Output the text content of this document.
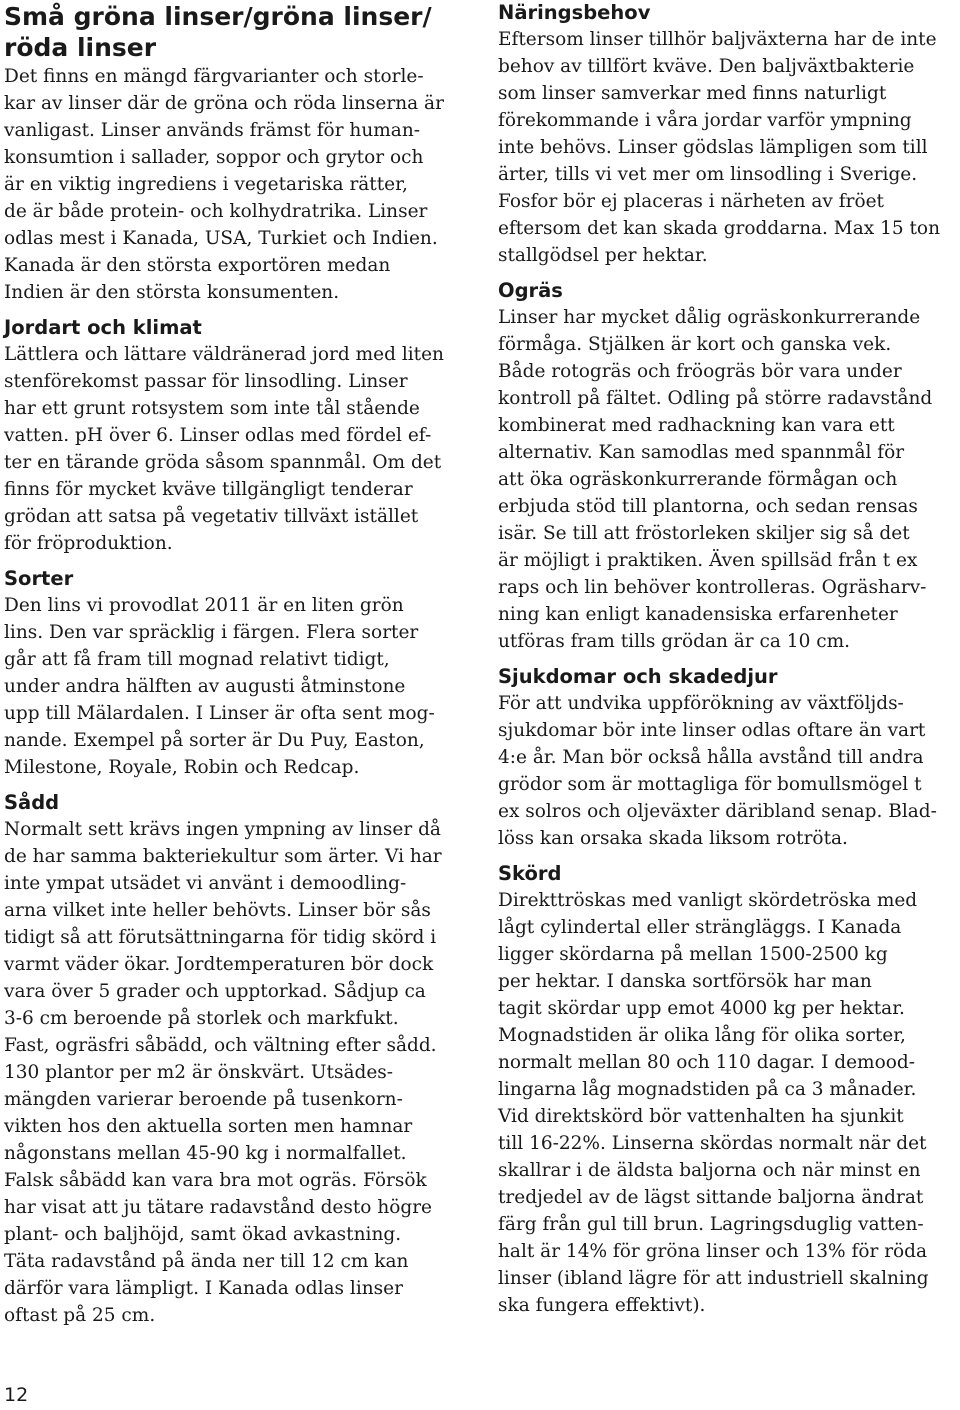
Små gröna linser/gröna linser/
röda linser

Det finns en mängd färgvarianter och storle-
kar av linser där de gröna och röda linserna är
vanligast. Linser används främst för human-
konsumtion i sallader, soppor och grytor och
är en viktig ingrediens i vegetariska rätter,
de är både protein- och kolhydratrika. Linser
odlas mest i Kanada, USA, Turkiet och Indien.
Kanada är den största exportören medan
Indien är den största konsumenten.

Jordart och klimat

Lättlera och lättare väldränerad jord med liten
stenförekomst passar för linsodling. Linser
har ett grunt rotsystem som inte tål stående
vatten. pH över 6. Linser odlas med fördel ef-
ter en tärande gröda såsom spannmål. Om det
finns för mycket kväve tillgängligt tenderar
grödan att satsa på vegetativ tillväxt istället
för fröproduktion.

Sorter

Den lins vi provodlat 2011 är en liten grön
lins. Den var spräcklig i färgen. Flera sorter
går att få fram till mognad relativt tidigt,
under andra hälften av augusti åtminstone
upp till Mälardalen. I Linser är ofta sent mog-
nande. Exempel på sorter är Du Puy, Easton,
Milestone, Royale, Robin och Redcap.

Sådd

Normalt sett krävs ingen ympning av linser då
de har samma bakteriekultur som ärter. Vi har
inte ympat utsädet vi använt i demoodling-
arna vilket inte heller behövts. Linser bör sås
tidigt så att förutsättningarna för tidig skörd i
varmt väder ökar. Jordtemperaturen bör dock
vara över 5 grader och upptorkad. Sådjup ca
3-6 cm beroende på storlek och markfukt.
Fast, ogräsfri såbädd, och vältning efter sådd.
130 plantor per m2 är önskvärt. Utsädes-
mängden varierar beroende på tusenkorn-
vikten hos den aktuella sorten men hamnar
någonstans mellan 45-90 kg i normalfallet.
Falsk såbädd kan vara bra mot ogräs. Försök
har visat att ju tätare radavstånd desto högre
plant- och baljhöjd, samt ökad avkastning.
Täta radavstånd på ända ner till 12 cm kan
därför vara lämpligt. I Kanada odlas linser
oftast på 25 cm.

Näringsbehov

Eftersom linser tillhör baljväxterna har de inte
behov av tillfört kväve. Den baljväxtbakterie
som linser samverkar med finns naturligt
förekommande i våra jordar varför ympning
inte behövs. Linser gödslas lämpligen som till
ärter, tills vi vet mer om linsodling i Sverige.
Fosfor bör ej placeras i närheten av fröet
eftersom det kan skada groddarna. Max 15 ton
stallgödsel per hektar.

Ogräs

Linser har mycket dålig ogräskonkurrerande
förmåga. Stjälken är kort och ganska vek.
Både rotogräs och fröogräs bör vara under
kontroll på fältet. Odling på större radavstånd
kombinerat med radhackning kan vara ett
alternativ. Kan samodlas med spannmål för
att öka ogräskonkurrerande förmågan och
erbjuda stöd till plantorna, och sedan rensas
isär. Se till att fröstorleken skiljer sig så det
är möjligt i praktiken. Även spillsäd från t ex
raps och lin behöver kontrolleras. Ogräsharv-
ning kan enligt kanadensiska erfarenheter
utföras fram tills grödan är ca 10 cm.

Sjukdomar och skadedjur

För att undvika uppförökning av växtföljds-
sjukdomar bör inte linser odlas oftare än vart
4:e år. Man bör också hålla avstånd till andra
grödor som är mottagliga för bomullsmögel t
ex solros och oljeväxter däribland senap. Blad-
löss kan orsaka skada liksom rotröta.

Skörd

Direkttröskas med vanligt skördetröska med
lågt cylindertal eller strängläggs. I Kanada
ligger skördarna på mellan 1500-2500 kg
per hektar. I danska sortförsök har man
tagit skördar upp emot 4000 kg per hektar.
Mognadstiden är olika lång för olika sorter,
normalt mellan 80 och 110 dagar. I demood-
lingarna låg mognadstiden på ca 3 månader.
Vid direktskörd bör vattenhalten ha sjunkit
till 16-22%. Linserna skördas normalt när det
skallrar i de äldsta baljorna och när minst en
tredjedel av de lägst sittande baljorna ändrat
färg från gul till brun. Lagringsduglig vatten-
halt är 14% för gröna linser och 13% för röda
linser (ibland lägre för att industriell skalning
ska fungera effektivt).

12
